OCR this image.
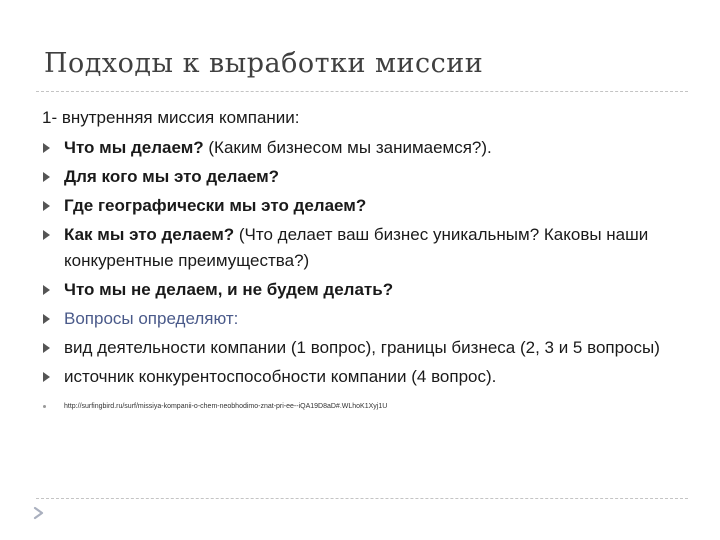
Подходы к выработки миссии
1- внутренняя миссия компании:
Что мы делаем? (Каким бизнесом мы занимаемся?).
Для кого мы это делаем?
Где географически мы это делаем?
Как мы это делаем? (Что делает ваш бизнес уникальным? Каковы наши конкурентные преимущества?)
Что мы не делаем, и не будем делать?
Вопросы определяют:
вид деятельности компании (1 вопрос), границы бизнеса (2, 3 и 5 вопросы)
источник конкурентоспособности компании (4 вопрос).
http://surfingbird.ru/surf/missiya-kompanii-o-chem-neobhodimo-znat-pri-ee--iQA19D8aD#.WLhoK1Xyj1U
